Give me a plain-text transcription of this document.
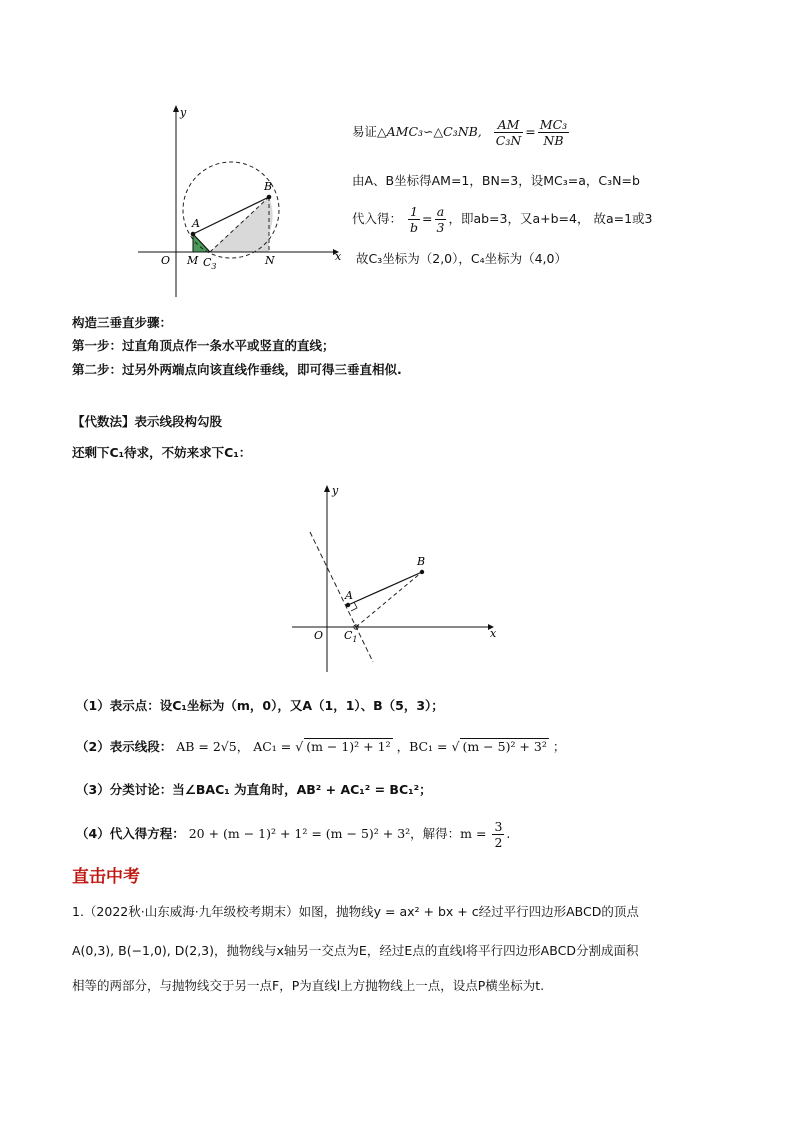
y
x
O M $C_3$	N
A
B
易证△AMC₃∽△C₃NB, $\frac{AM}{\text{C₃N}} = \frac{\text{MC₃}}{NB}$
由A、B坐标得AM=1，BN=3，设MC₃=a，C₃N=b
代入得： $\frac{1}{b} = \frac{a}{3}$ ，即ab=3，又a+b=4， 故a=1或3
故C₃坐标为（2,0），C₄坐标为（4,0）
构造三垂直步骤：
第一步：过直角顶点作一条水平或竖直的直线；
第二步：过另外两端点向该直线作垂线，即可得三垂直相似.
【代数法】表示线段构勾股
还剩下C₁待求，不妨来求下C₁：
y
x
O
A
B
$C_1$
（1）表示点：设C₁坐标为（m，0），又A（1，1）、B（5，3）；
（2）表示线段： AB = 2√5， AC₁ = √ (m − 1)² + 1² ，BC₁ = √ (m − 5)² + 3² ；
（3）分类讨论：当∠BAC₁ 为直角时，AB² + AC₁² = BC₁²；
（4）代入得方程： 20 + (m − 1)² + 1² = (m − 5)² + 3²，解得：$m = \frac{3}{2}$ .
直击中考
1.（2022秋·山东威海·九年级校考期末）如图，抛物线y = ax² + bx + c经过平行四边形ABCD的顶点
A(0,3), B(−1,0), D(2,3)，抛物线与x轴另一交点为E，经过E点的直线l将平行四边形ABCD分割成面积
相等的两部分，与抛物线交于另一点F，P为直线l上方抛物线上一点，设点P横坐标为t.
